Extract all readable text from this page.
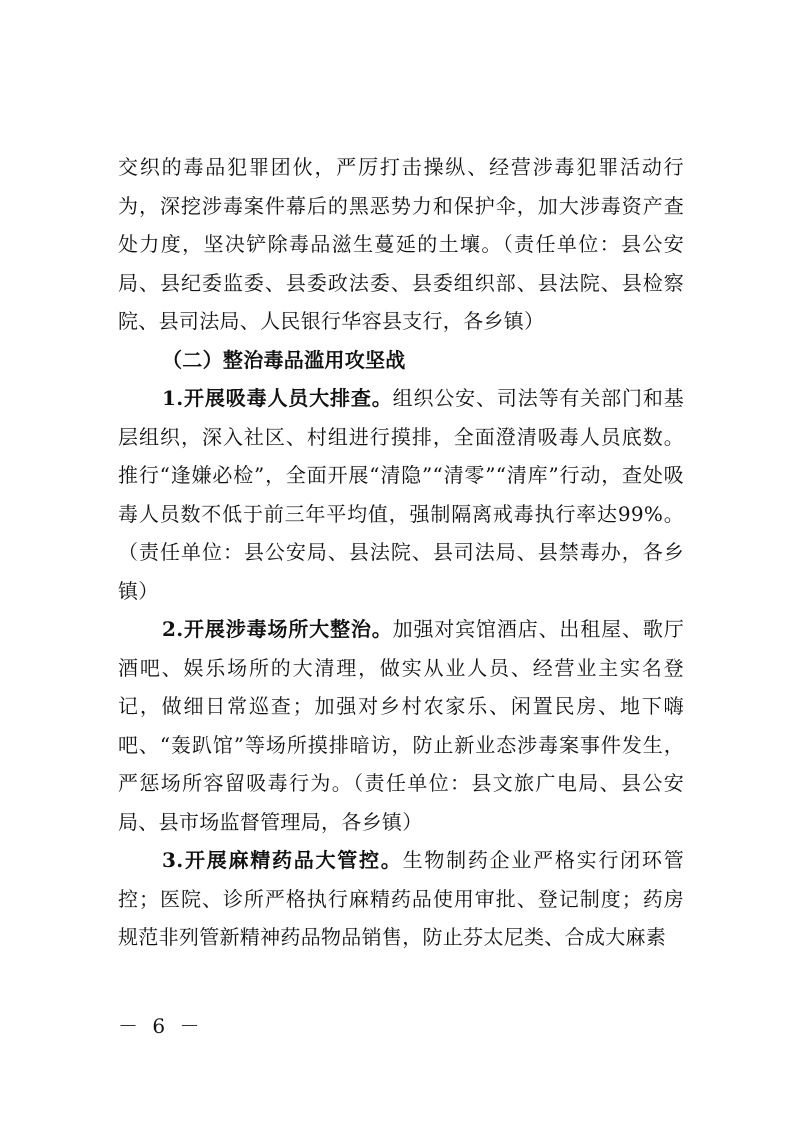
交织的毒品犯罪团伙，严厉打击操纵、经营涉毒犯罪活动行为，深挖涉毒案件幕后的黑恶势力和保护伞，加大涉毒资产查处力度，坚决铲除毒品滋生蔓延的土壤。（责任单位：县公安局、县纪委监委、县委政法委、县委组织部、县法院、县检察院、县司法局、人民银行华容县支行，各乡镇）

（二）整治毒品滥用攻坚战

1.开展吸毒人员大排查。组织公安、司法等有关部门和基层组织，深入社区、村组进行摸排，全面澄清吸毒人员底数。推行“逢嫌必检”，全面开展“清隐”“清零”“清库”行动，查处吸毒人员数不低于前三年平均值，强制隔离戒毒执行率达99%。（责任单位：县公安局、县法院、县司法局、县禁毒办，各乡镇）

2.开展涉毒场所大整治。加强对宾馆酒店、出租屋、歌厅酒吧、娱乐场所的大清理，做实从业人员、经营业主实名登记，做细日常巡查；加强对乡村农家乐、闲置民房、地下嗨吧、“轰趴馆”等场所摸排暗访，防止新业态涉毒案事件发生，严惩场所容留吸毒行为。（责任单位：县文旅广电局、县公安局、县市场监督管理局，各乡镇）

3.开展麻精药品大管控。生物制药企业严格实行闭环管控；医院、诊所严格执行麻精药品使用审批、登记制度；药房规范非列管新精神药品物品销售，防止芬太尼类、合成大麻素

－ 6 －
